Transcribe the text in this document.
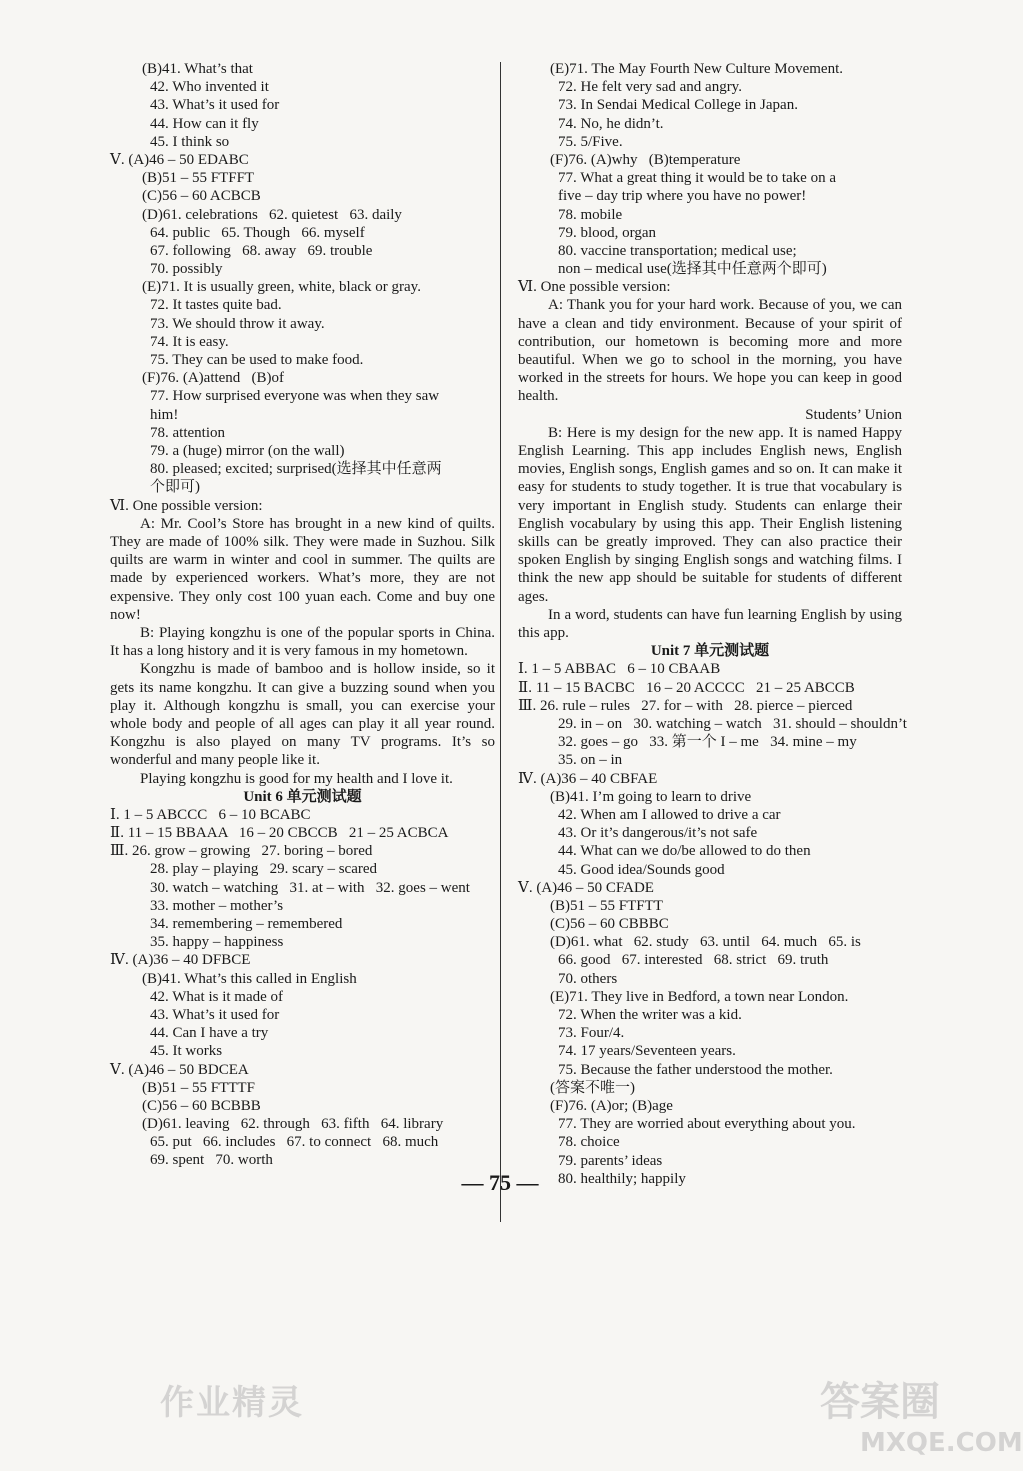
(B)41. What’s that
42. Who invented it
43. What’s it used for
44. How can it fly
45. I think so
Ⅴ. (A)46 – 50 EDABC
(B)51 – 55 FTFFT
(C)56 – 60 ACBCB
(D)61. celebrations   62. quietest   63. daily
64. public   65. Though   66. myself
67. following   68. away   69. trouble
70. possibly
(E)71. It is usually green, white, black or gray.
72. It tastes quite bad.
73. We should throw it away.
74. It is easy.
75. They can be used to make food.
(F)76. (A)attend   (B)of
77. How surprised everyone was when they saw
him!
78. attention
79. a (huge) mirror (on the wall)
80. pleased; excited; surprised(选择其中任意两
个即可)
Ⅵ. One possible version:
A: Mr. Cool’s Store has brought in a new kind of quilts. They are made of 100% silk. They were made in Suzhou. Silk quilts are warm in winter and cool in summer. The quilts are made by experienced workers. What’s more, they are not expensive. They only cost 100 yuan each. Come and buy one now!
B: Playing kongzhu is one of the popular sports in China. It has a long history and it is very famous in my hometown.
Kongzhu is made of bamboo and is hollow inside, so it gets its name kongzhu. It can give a buzzing sound when you play it. Although kongzhu is small, you can exercise your whole body and people of all ages can play it all year round. Kongzhu is also played on many TV programs. It’s so wonderful and many people like it.
Playing kongzhu is good for my health and I love it.
Unit 6 单元测试题
Ⅰ. 1 – 5 ABCCC   6 – 10 BCABC
Ⅱ. 11 – 15 BBAAA   16 – 20 CBCCB   21 – 25 ACBCA
Ⅲ. 26. grow – growing   27. boring – bored
28. play – playing   29. scary – scared
30. watch – watching   31. at – with   32. goes – went
33. mother – mother’s
34. remembering – remembered
35. happy – happiness
Ⅳ. (A)36 – 40 DFBCE
(B)41. What’s this called in English
42. What is it made of
43. What’s it used for
44. Can I have a try
45. It works
Ⅴ. (A)46 – 50 BDCEA
(B)51 – 55 FTTTF
(C)56 – 60 BCBBB
(D)61. leaving   62. through   63. fifth   64. library
65. put   66. includes   67. to connect   68. much
69. spent   70. worth
(E)71. The May Fourth New Culture Movement.
72. He felt very sad and angry.
73. In Sendai Medical College in Japan.
74. No, he didn’t.
75. 5/Five.
(F)76. (A)why   (B)temperature
77. What a great thing it would be to take on a
five – day trip where you have no power!
78. mobile
79. blood, organ
80. vaccine transportation; medical use;
non – medical use(选择其中任意两个即可)
Ⅵ. One possible version:
A: Thank you for your hard work. Because of you, we can have a clean and tidy environment. Because of your spirit of contribution, our hometown is becoming more and more beautiful. When we go to school in the morning, you have worked in the streets for hours. We hope you can keep in good health.
Students’ Union
B: Here is my design for the new app. It is named Happy English Learning. This app includes English news, English movies, English songs, English games and so on. It can make it easy for students to study together. It is true that vocabulary is very important in English study. Students can enlarge their English vocabulary by using this app. Their English listening skills can be greatly improved. They can also practice their spoken English by singing English songs and watching films. I think the new app should be suitable for students of different ages.
In a word, students can have fun learning English by using this app.
Unit 7 单元测试题
Ⅰ. 1 – 5 ABBAC   6 – 10 CBAAB
Ⅱ. 11 – 15 BACBC   16 – 20 ACCCC   21 – 25 ABCCB
Ⅲ. 26. rule – rules   27. for – with   28. pierce – pierced
29. in – on   30. watching – watch   31. should – shouldn’t
32. goes – go   33. 第一个 I – me   34. mine – my
35. on – in
Ⅳ. (A)36 – 40 CBFAE
(B)41. I’m going to learn to drive
42. When am I allowed to drive a car
43. Or it’s dangerous/it’s not safe
44. What can we do/be allowed to do then
45. Good idea/Sounds good
Ⅴ. (A)46 – 50 CFADE
(B)51 – 55 FTFTT
(C)56 – 60 CBBBC
(D)61. what   62. study   63. until   64. much   65. is
66. good   67. interested   68. strict   69. truth
70. others
(E)71. They live in Bedford, a town near London.
72. When the writer was a kid.
73. Four/4.
74. 17 years/Seventeen years.
75. Because the father understood the mother.
(答案不唯一)
(F)76. (A)or; (B)age
77. They are worried about everything about you.
78. choice
79. parents’ ideas
80. healthily; happily
— 75 —
作业精灵	答案圈
MXQE.COM
